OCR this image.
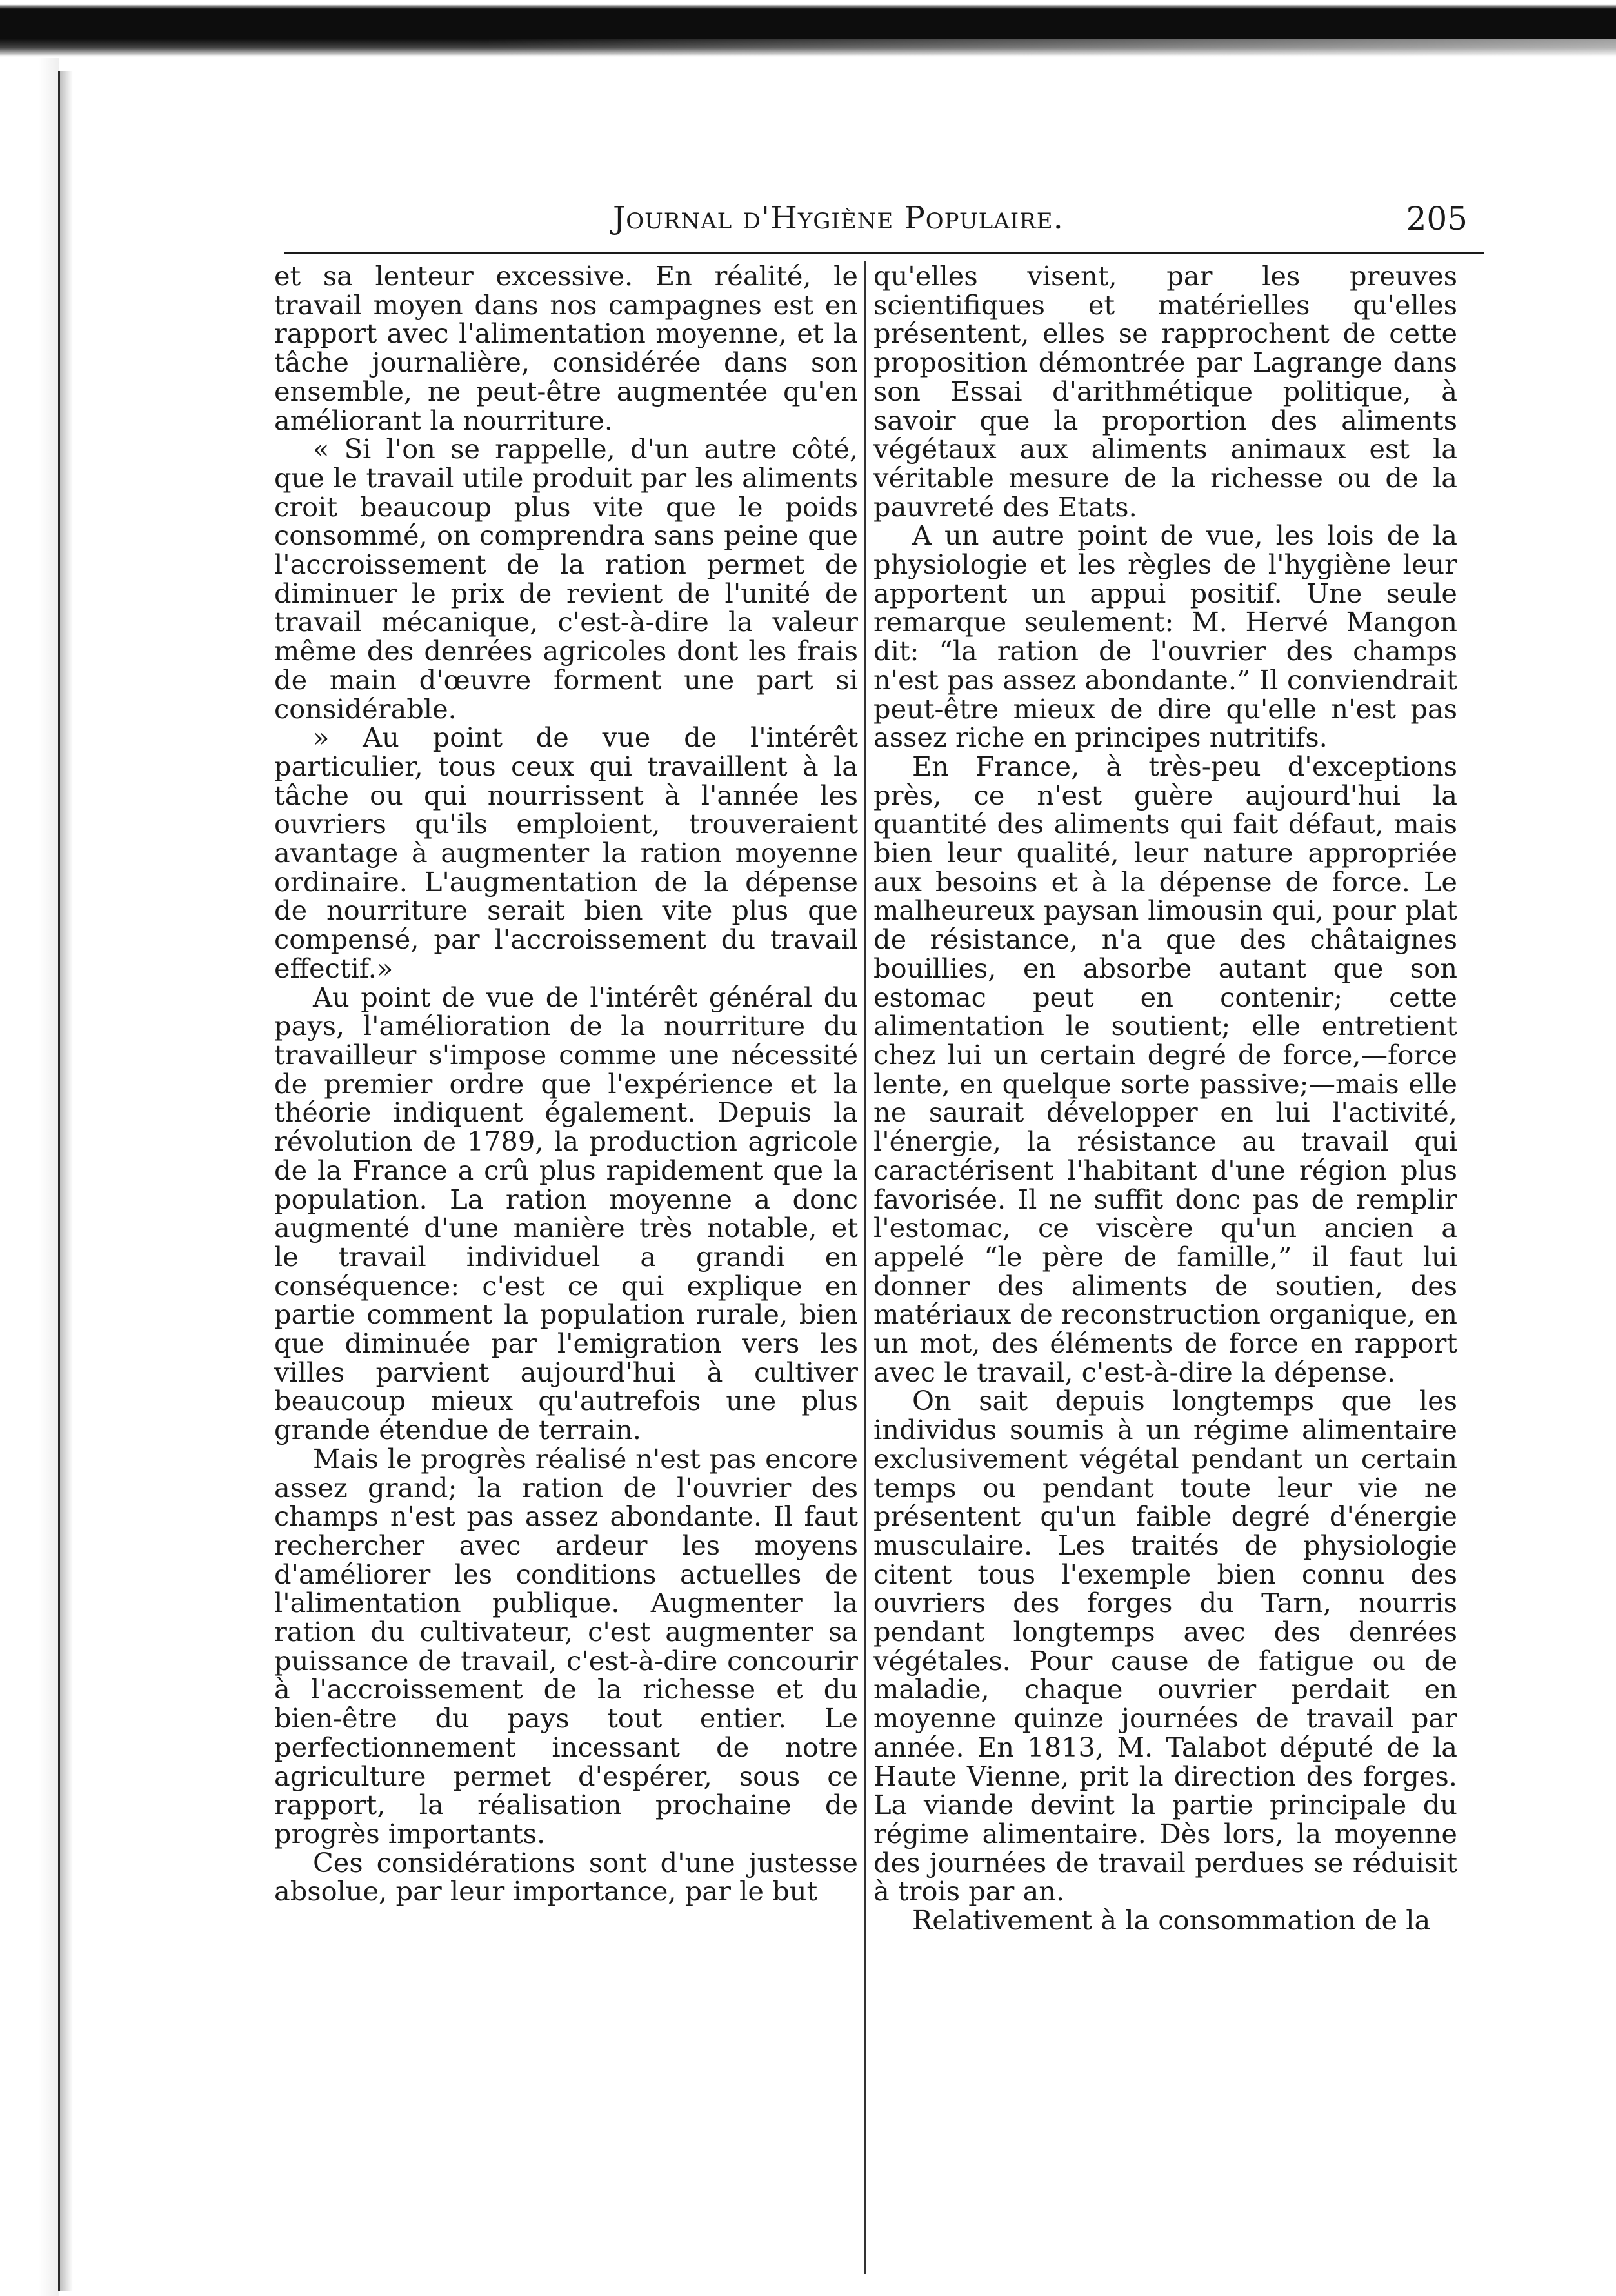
Journal d'Hygiène Populaire.	205

et sa lenteur excessive. En réalité, le travail moyen dans nos campagnes est en rapport avec l'alimentation moyenne, et la tâche journalière, considérée dans son ensemble, ne peut-être augmentée qu'en améliorant la nourriture.

« Si l'on se rappelle, d'un autre côté, que le travail utile produit par les aliments croit beaucoup plus vite que le poids consommé, on comprendra sans peine que l'accroissement de la ration permet de diminuer le prix de revient de l'unité de travail mécanique, c'est-à-dire la valeur même des denrées agricoles dont les frais de main d'œuvre forment une part si considérable.

» Au point de vue de l'intérêt particulier, tous ceux qui travaillent à la tâche ou qui nourrissent à l'année les ouvriers qu'ils emploient, trouveraient avantage à augmenter la ration moyenne ordinaire. L'augmentation de la dépense de nourriture serait bien vite plus que compensé, par l'accroissement du travail effectif.»

Au point de vue de l'intérêt général du pays, l'amélioration de la nourriture du travailleur s'impose comme une nécessité de premier ordre que l'expérience et la théorie indiquent également. Depuis la révolution de 1789, la production agricole de la France a crû plus rapidement que la population. La ration moyenne a donc augmenté d'une manière très notable, et le travail individuel a grandi en conséquence: c'est ce qui explique en partie comment la population rurale, bien que diminuée par l'emigration vers les villes parvient aujourd'hui à cultiver beaucoup mieux qu'autrefois une plus grande étendue de terrain.

Mais le progrès réalisé n'est pas encore assez grand; la ration de l'ouvrier des champs n'est pas assez abondante. Il faut rechercher avec ardeur les moyens d'améliorer les conditions actuelles de l'alimentation publique. Augmenter la ration du cultivateur, c'est augmenter sa puissance de travail, c'est-à-dire concourir à l'accroissement de la richesse et du bien-être du pays tout entier. Le perfectionnement incessant de notre agriculture permet d'espérer, sous ce rapport, la réalisation prochaine de progrès importants.

Ces considérations sont d'une justesse absolue, par leur importance, par le but

qu'elles visent, par les preuves scientifiques et matérielles qu'elles présentent, elles se rapprochent de cette proposition démontrée par Lagrange dans son Essai d'arithmétique politique, à savoir que la proportion des aliments végétaux aux aliments animaux est la véritable mesure de la richesse ou de la pauvreté des Etats.

A un autre point de vue, les lois de la physiologie et les règles de l'hygiène leur apportent un appui positif. Une seule remarque seulement: M. Hervé Mangon dit: “la ration de l'ouvrier des champs n'est pas assez abondante.” Il conviendrait peut-être mieux de dire qu'elle n'est pas assez riche en principes nutritifs.

En France, à très-peu d'exceptions près, ce n'est guère aujourd'hui la quantité des aliments qui fait défaut, mais bien leur qualité, leur nature appropriée aux besoins et à la dépense de force. Le malheureux paysan limousin qui, pour plat de résistance, n'a que des châtaignes bouillies, en absorbe autant que son estomac peut en contenir; cette alimentation le soutient; elle entretient chez lui un certain degré de force,—force lente, en quelque sorte passive;—mais elle ne saurait développer en lui l'activité, l'énergie, la résistance au travail qui caractérisent l'habitant d'une région plus favorisée. Il ne suffit donc pas de remplir l'estomac, ce viscère qu'un ancien a appelé “le père de famille,” il faut lui donner des aliments de soutien, des matériaux de reconstruction organique, en un mot, des éléments de force en rapport avec le travail, c'est-à-dire la dépense.

On sait depuis longtemps que les individus soumis à un régime alimentaire exclusivement végétal pendant un certain temps ou pendant toute leur vie ne présentent qu'un faible degré d'énergie musculaire. Les traités de physiologie citent tous l'exemple bien connu des ouvriers des forges du Tarn, nourris pendant longtemps avec des denrées végétales. Pour cause de fatigue ou de maladie, chaque ouvrier perdait en moyenne quinze journées de travail par année. En 1813, M. Talabot député de la Haute Vienne, prit la direction des forges. La viande devint la partie principale du régime alimentaire. Dès lors, la moyenne des journées de travail perdues se réduisit à trois par an.

Relativement à la consommation de la
